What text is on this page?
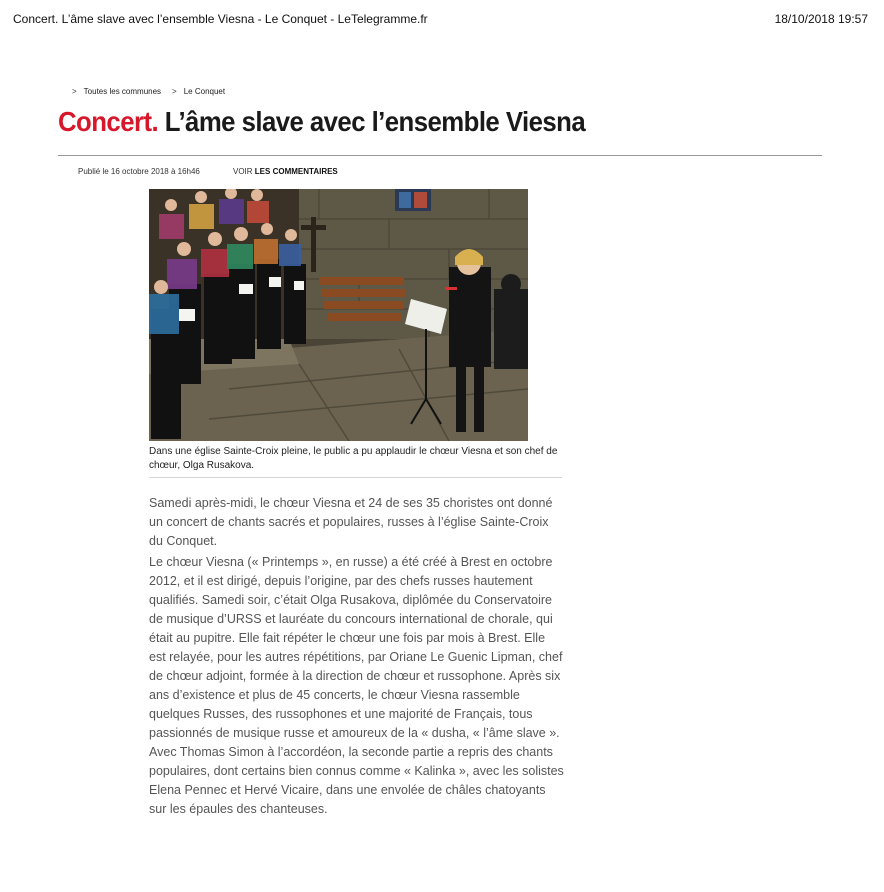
Concert. L’âme slave avec l’ensemble Viesna - Le Conquet - LeTelegramme.fr	18/10/2018 19:57
> Toutes les communes > Le Conquet
Concert. L’âme slave avec l’ensemble Viesna
Publié le 16 octobre 2018 à 16h46	VOIR LES COMMENTAIRES
Dans une église Sainte-Croix pleine, le public a pu applaudir le chœur Viesna et son chef de chœur, Olga Rusakova.

Samedi après-midi, le chœur Viesna et 24 de ses 35 choristes ont donné un concert de chants sacrés et populaires, russes à l’église Sainte-Croix du Conquet.

Le chœur Viesna (« Printemps », en russe) a été créé à Brest en octobre 2012, et il est dirigé, depuis l’origine, par des chefs russes hautement qualifiés. Samedi soir, c’était Olga Rusakova, diplômée du Conservatoire de musique d’URSS et lauréate du concours international de chorale, qui était au pupitre. Elle fait répéter le chœur une fois par mois à Brest. Elle est relayée, pour les autres répétitions, par Oriane Le Guenic Lipman, chef de chœur adjoint, formée à la direction de chœur et russophone. Après six ans d’existence et plus de 45 concerts, le chœur Viesna rassemble quelques Russes, des russophones et une majorité de Français, tous passionnés de musique russe et amoureux de la « dusha, « l’âme slave ». Avec Thomas Simon à l’accordéon, la seconde partie a repris des chants populaires, dont certains bien connus comme « Kalinka », avec les solistes Elena Pennec et Hervé Vicaire, dans une envolée de châles chatoyants sur les épaules des chanteuses.
